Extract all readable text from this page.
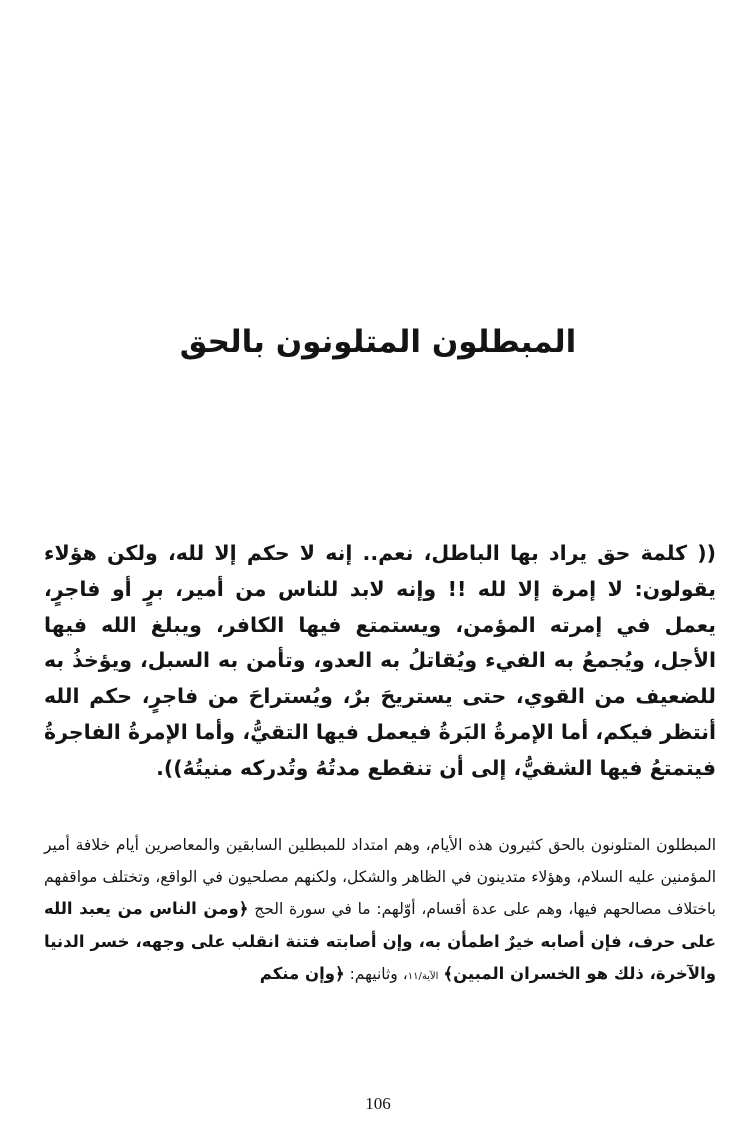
المبطلون المتلونون بالحق

(( كلمة حق يراد بها الباطل، نعم.. إنه لا حكم إلا لله، ولكن هؤلاء يقولون: لا إمرة إلا لله !! وإنه لابد للناس من أمير، برٍ أو فاجرٍ، يعمل في إمرته المؤمن، ويستمتع فيها الكافر، ويبلغ الله فيها الأجل، ويُجمعُ به الفيء ويُقاتلُ به العدو، وتأمن به السبل، ويؤخذُ به للضعيف من القوي، حتى يستريحَ برٌ، ويُستراحَ من فاجرٍ، حكم الله أنتظر فيكم، أما الإمرةُ البَرةُ فيعمل فيها التقيُّ، وأما الإمرةُ الفاجرةُ فيتمتعُ فيها الشقيُّ، إلى أن تنقطع مدتُهُ وتُدركه منيتُهُ)).

المبطلون المتلونون بالحق كثيرون هذه الأيام، وهم امتداد للمبطلين السابقين والمعاصرين أيام خلافة أمير المؤمنين عليه السلام، وهؤلاء متدينون في الظاهر والشكل، ولكنهم مصلحيون في الواقع، وتختلف مواقفهم باختلاف مصالحهم فيها، وهم على عدة أقسام، أوّلهم: ما في سورة الحج ﴿ومن الناس من يعبد الله على حرف، فإن أصابه خيرٌ اطمأن به، وإن أصابته فتنة انقلب على وجهه، خسر الدنيا والآخرة، ذلك هو الخسران المبين﴾ الآية/١١، وثانيهم: ﴿وإن منكم

106
